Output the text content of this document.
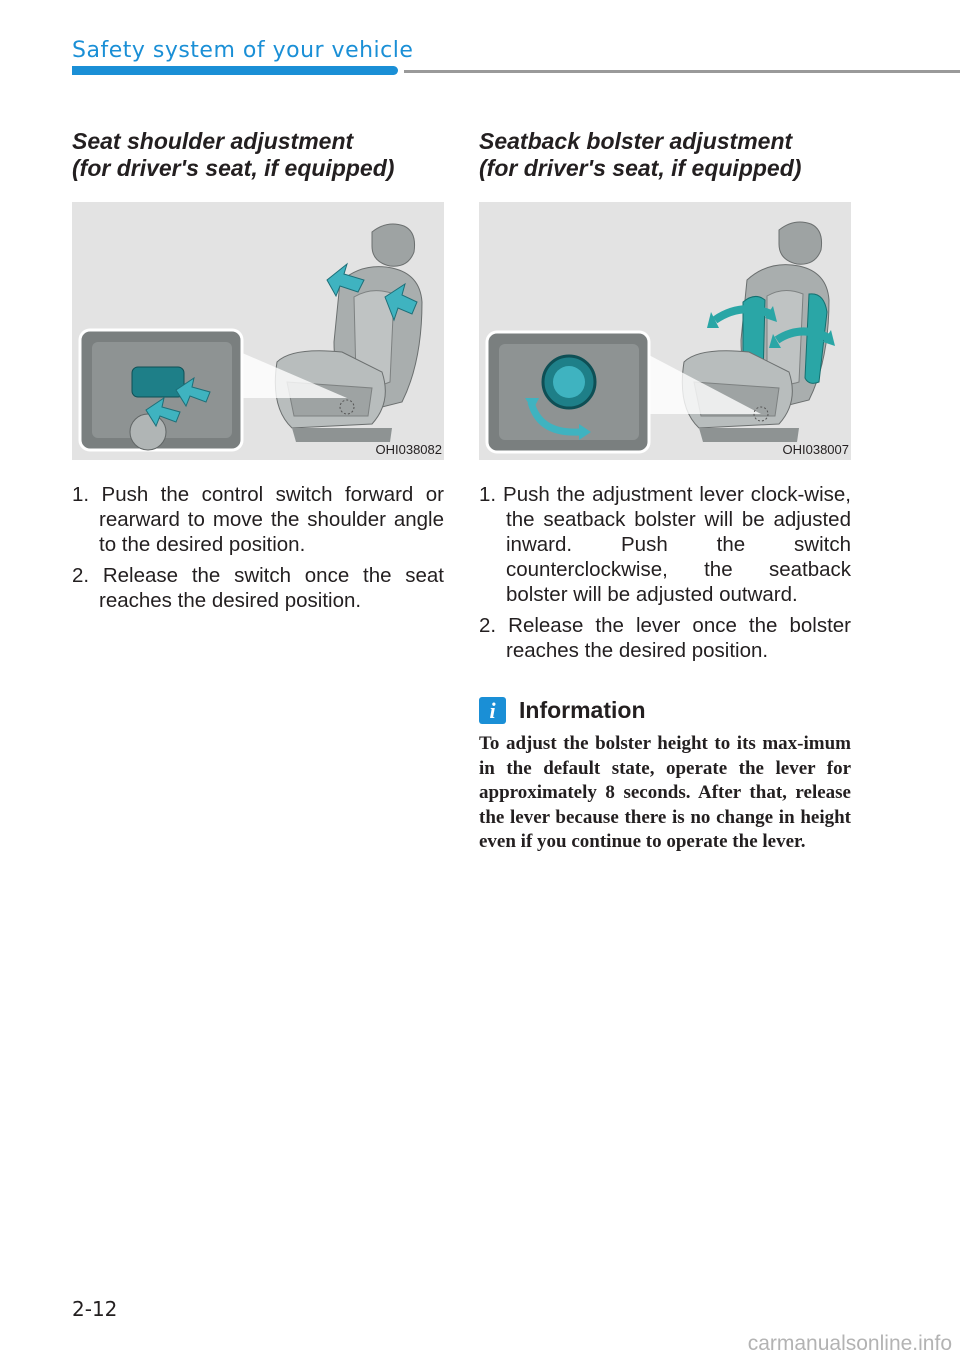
Safety system of your vehicle
Seat shoulder adjustment
(for driver's seat, if equipped)
OHI038082
1. Push the control switch forward or rearward to move the shoulder angle to the desired position.
2. Release the switch once the seat reaches the desired position.
Seatback bolster adjustment
(for driver's seat, if equipped)
OHI038007
1. Push the adjustment lever clock-wise, the seatback bolster will be adjusted inward. Push the switch counterclockwise, the seatback bolster will be adjusted outward.
2. Release the lever once the bolster reaches the desired position.
i	Information

To adjust the bolster height to its max-imum in the default state, operate the lever for approximately 8 seconds. After that, release the lever because there is no change in height even if you continue to operate the lever.

2-12
carmanualsonline.info
